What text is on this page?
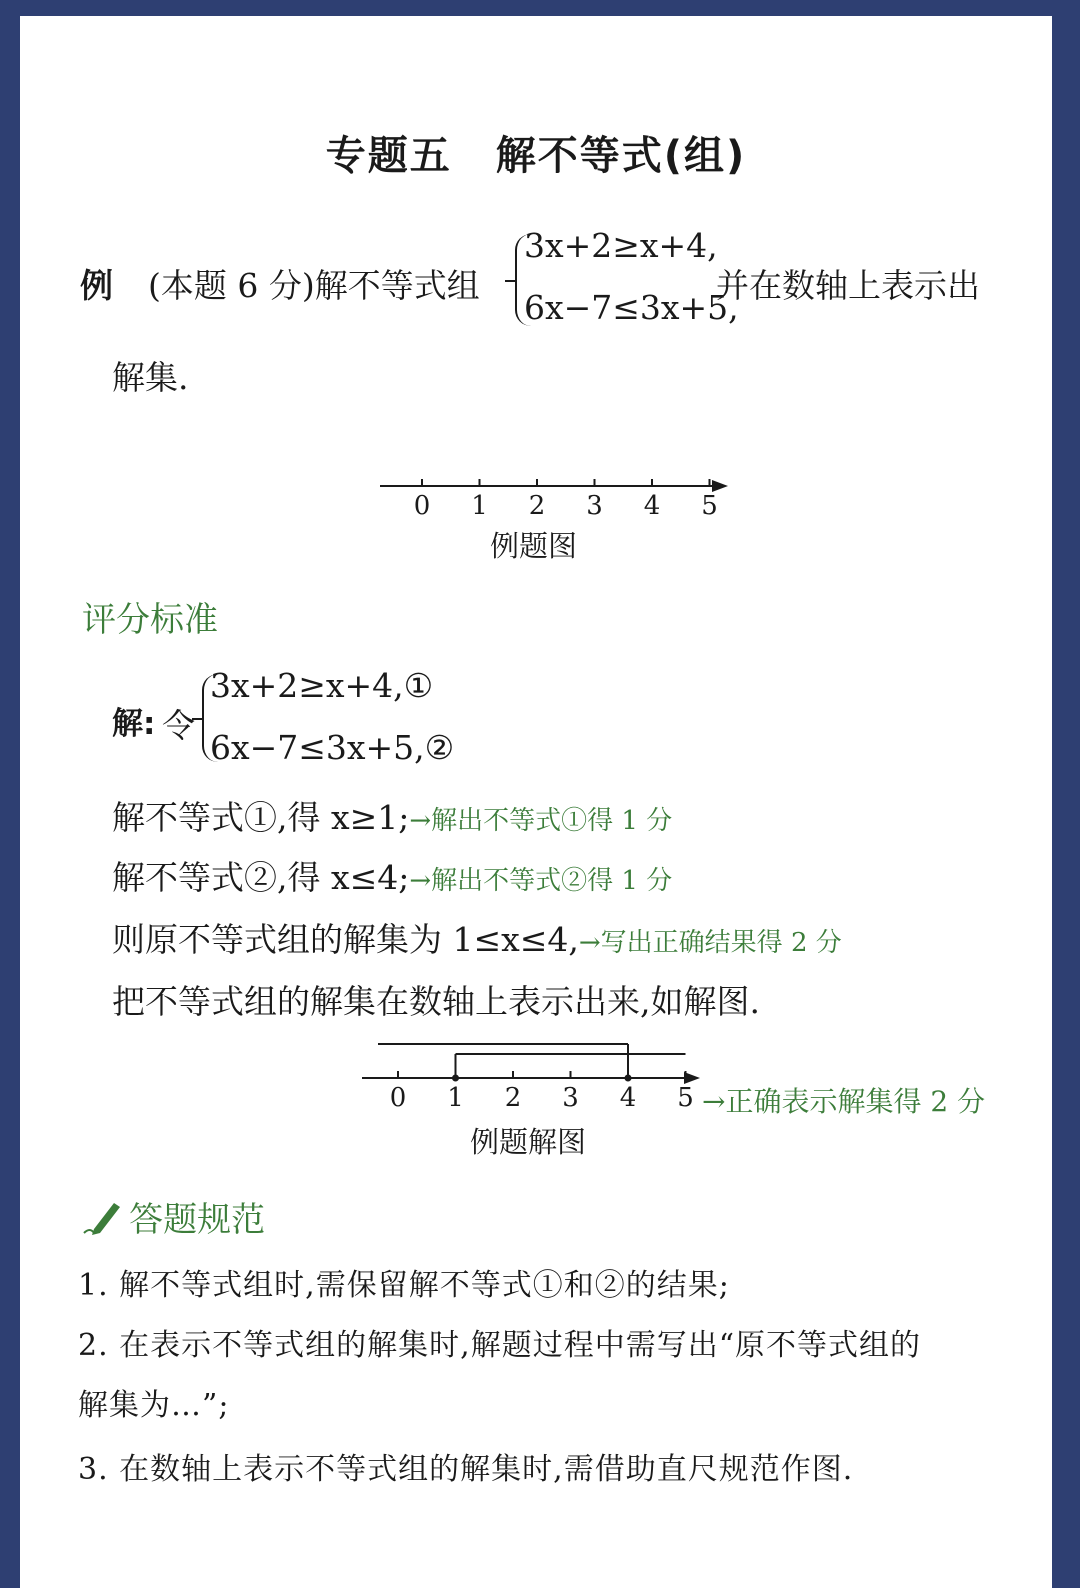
专题五 解不等式(组)
例 (本题 6 分)解不等式组
3x+2≥x+4,
6x−7≤3x+5,
并在数轴上表示出
解集.
0 1 2 3 4 5
例题图
评分标准
解: 令
3x+2≥x+4,①
6x−7≤3x+5,②
解不等式①,得 x≥1;→解出不等式①得 1 分
解不等式②,得 x≤4;→解出不等式②得 1 分
则原不等式组的解集为 1≤x≤4,→写出正确结果得 2 分
把不等式组的解集在数轴上表示出来,如解图.
0 1 2 3 4 5 →正确表示解集得 2 分
例题解图
答题规范
1. 解不等式组时,需保留解不等式①和②的结果;
2. 在表示不等式组的解集时,解题过程中需写出“原不等式组的
解集为…”;
3. 在数轴上表示不等式组的解集时,需借助直尺规范作图.
